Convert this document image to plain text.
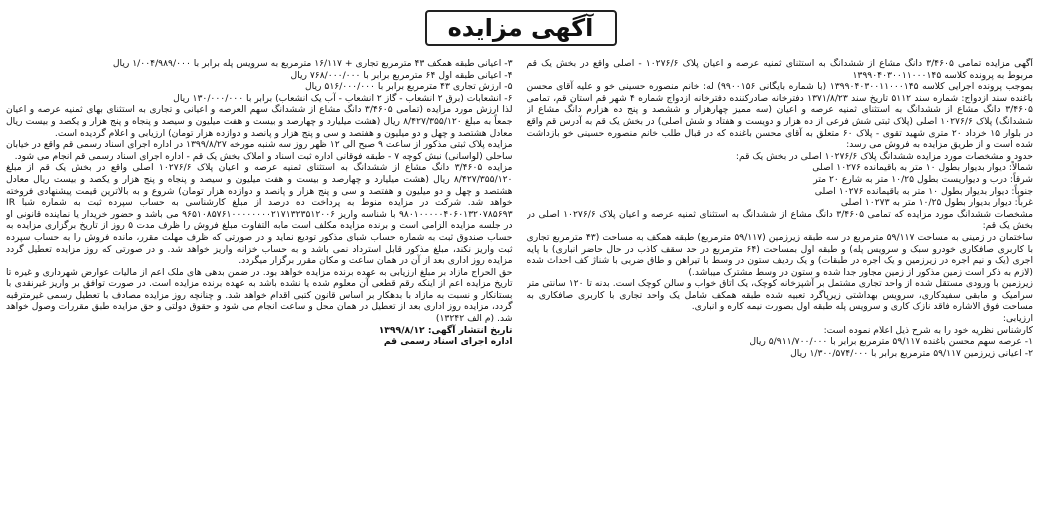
آگهی مزایده

آگهی مزایده تمامی ۳/۴۶۰۵ دانگ مشاع از ششدانگ به استثنای ثمنیه عرصه و اعیان پلاک ۱۰۲۷۶/۶ - اصلی واقع در بخش یک قم مربوط به پرونده کلاسه ۱۳۹۹۰۴۰۳۰۰۱۱۰۰۰۱۴۵

بموجب پرونده اجرایی کلاسه ۱۳۹۹۰۴۰۳۰۰۱۱۰۰۰۱۴۵ (با شماره بایگانی ۹۹۰۰۱۵۶) له: خانم منصوره حسینی خو و علیه آقای محسن باغنده سند ازدواج: شماره سند ۵۱۱۲ تاریخ سند ۱۳۷۱/۸/۲۳ دفترخانه صادرکننده دفترخانه ازدواج شماره ۴ شهر قم استان قم، تمامی ۳/۴۶۰۵ دانگ مشاع از ششدانگ به استثنای ثمنیه عرصه و اعیان (سه ممیز چهارهزار و ششصد و پنج ده هزارم دانگ مشاع از ششدانگ) پلاک ۱۰۲۷۶/۶ اصلی (پلاک ثبتی شش فرعی از ده هزار و دویست و هفتاد و شش اصلی) در بخش یک قم به آدرس قم واقع در بلوار ۱۵ خرداد ۲۰ متری شهید تقوی - پلاک ۶۰ متعلق به آقای محسن باغنده که در قبال طلب خانم منصوره حسینی خو بازداشت شده است و از طریق مزایده به فروش می رسد:

حدود و مشخصات مورد مزایده ششدانگ پلاک ۱۰۲۷۶/۶ اصلی در بخش یک قم:

شمالاً: دیوار بدیوار بطول ۱۰ متر به باقیمانده ۱۰۲۷۶ اصلی

شرقاً: درب و دیواریست بطول ۱۰/۲۵ متر به شارع ۲۰ متر

جنوباً: دیوار بدیوار بطول ۱۰ متر به باقیمانده ۱۰۲۷۶ اصلی

غرباً: دیوار بدیوار بطول ۱۰/۲۵ متر به ۱۰۲۷۳ اصلی

مشخصات ششدانگ مورد مزایده که تمامی ۳/۴۶۰۵ دانگ مشاع از ششدانگ به استثنای ثمنیه عرصه و اعیان پلاک ۱۰۲۷۶/۶ اصلی در بخش یک قم:

ساختمان در زمینی به مساحت ۵۹/۱۱۷ مترمربع در سه طبقه زیرزمین (۵۹/۱۱۷ مترمربع) طبقه همکف به مساحت (۴۳ مترمربع تجاری با کاربری صافکاری خودرو سبک و سرویس پله) و طبقه اول بمساحت (۶۴ مترمربع در حد سقف کاذب در حال حاضر انباری) با پایه اجری (یک و نیم اجره در زیرزمین و یک اجره در طبقات) و یک ردیف ستون در وسط با تیراهن و طاق ضربی با شناژ کف احداث شده (لازم به ذکر است زمین مذکور از زمین مجاور جدا شده و ستون در وسط مشترک میباشد.)

زیرزمین با ورودی مستقل شده از واحد تجاری مشتمل بر آشپزخانه کوچک، یک اتاق خواب و سالن کوچک است. بدنه تا ۱۲۰ سانتی متر سرامیک و مابقی سفیدکاری، سرویس بهداشتی زیرپاگرد تعبیه شده طبقه همکف شامل یک واحد تجاری با کاربری صافکاری به مساحت فوق الاشاره فاقد نازک کاری و سرویس پله طبقه اول بصورت نیمه کاره و انباری.

ارزیابی:

کارشناس نظریه خود را به شرح ذیل اعلام نموده است:

۱- عرصه سهم محسن باغنده ۵۹/۱۱۷ مترمربع برابر با ۵/۹۱۱/۷۰۰/۰۰۰ ریال

۲- اعیانی زیرزمین ۵۹/۱۱۷ مترمربع برابر با ۱/۳۰۰/۵۷۴/۰۰۰ ریال

۳- اعیانی طبقه همکف ۴۳ مترمربع تجاری + ۱۶/۱۱۷ مترمربع به سرویس پله برابر با ۱/۰۰۴/۹۸۹/۰۰۰ ریال

۴- اعیانی طبقه اول ۶۴ مترمربع برابر با ۷۶۸/۰۰۰/۰۰۰ ریال

۵- ارزش تجاری ۴۳ مترمربع برابر با ۵۱۶/۰۰۰/۰۰۰ ریال

۶- انشعابات (برق ۲ انشعاب - گاز ۲ انشعاب - آب یک انشعاب) برابر با ۱۳۰/۰۰۰/۰۰۰ ریال

لذا ارزش مورد مزایده (تمامی ۳/۴۶۰۵ دانگ مشاع از ششدانگ سهم العرصه و اعیانی و تجاری به استثنای بهای ثمنیه عرصه و اعیان جمعاً به مبلغ ۸/۴۲۷/۳۵۵/۱۲۰ ریال (هشت میلیارد و چهارصد و بیست و هفت میلیون و سیصد و پنجاه و پنج هزار و یکصد و بیست ریال معادل هشتصد و چهل و دو میلیون و هفتصد و سی و پنج هزار و پانصد و دوازده هزار تومان) ارزیابی و اعلام گردیده است.

مزایده پلاک ثبتی مذکور از ساعت ۹ صبح الی ۱۲ ظهر روز سه شنبه مورخه ۱۳۹۹/۸/۲۷ در اداره اجرای اسناد رسمی قم واقع در خیابان ساحلی (لواسانی) نبش کوچه ۷ - طبقه فوقانی اداره ثبت اسناد و املاک بخش یک قم - اداره اجرای اسناد رسمی قم انجام می شود.

مزایده ۳/۴۶۰۵ دانگ مشاع از ششدانگ به استثنای ثمنیه عرصه و اعیان پلاک ۱۰۲۷۶/۶ اصلی واقع در بخش یک قم از مبلغ ۸/۴۲۷/۳۵۵/۱۲۰ ریال (هشت میلیارد و چهارصد و بیست و هفت میلیون و سیصد و پنجاه و پنج هزار و یکصد و بیست ریال معادل هشتصد و چهل و دو میلیون و هفتصد و سی و پنج هزار و پانصد و دوازده هزار تومان) شروع و به بالاترین قیمت پیشنهادی فروخته خواهد شد. شرکت در مزایده منوط به پرداخت ده درصد از مبلغ کارشناسی به حساب سپرده ثبت به شماره شبا IR ۹۸۰۱۰۰۰۰۰۴۰۶۰۱۳۲۰۷۸۵۶۹۳ با شناسه واریز ۹۶۵۱۰۸۵۷۶۱۰۰۰۰۰۰۰۰۲۱۷۱۳۲۳۵۱۲۰۰۶ می باشد و حضور خریدار یا نماینده قانونی او در جلسه مزایده الزامی است و برنده مزایده مکلف است مابه التفاوت مبلغ فروش را ظرف مدت ۵ روز از تاریخ برگزاری مزایده به حساب صندوق ثبت به شماره حساب شبای مذکور تودیع نماید و در صورتی که ظرف مهلت مقرر، مانده فروش را به حساب سپرده ثبت واریز نکند، مبلغ مذکور قابل استرداد نمی باشد و به حساب خزانه واریز خواهد شد. و در صورتی که روز مزایده تعطیل گردد مزایده روز اداری بعد از آن در همان ساعت و مکان مقرر برگزار میگردد.

حق الحراج مازاد بر مبلغ ارزیابی به عهده برنده مزایده خواهد بود. در ضمن بدهی های ملک اعم از مالیات عوارض شهرداری و غیره تا تاریخ مزایده اعم از اینکه رقم قطعی آن معلوم شده یا نشده باشد به عهده برنده مزایده است. در صورت توافق بر واریز غیرنقدی با بستانکار و نسبت به مازاد با بدهکار بر اساس قانون کتبی اقدام خواهد شد. و چنانچه روز مزایده مصادف با تعطیل رسمی غیرمترقبه گردد، مزایده روز اداری بعد از تعطیل در همان محل و ساعت انجام می شود و حقوق دولتی و حق مزایده طبق مقررات وصول خواهد شد. (م الف ۱۳۲۴۲)

تاریخ انتشار آگهی: ۱۳۹۹/۸/۱۲

اداره اجرای اسناد رسمی قم
